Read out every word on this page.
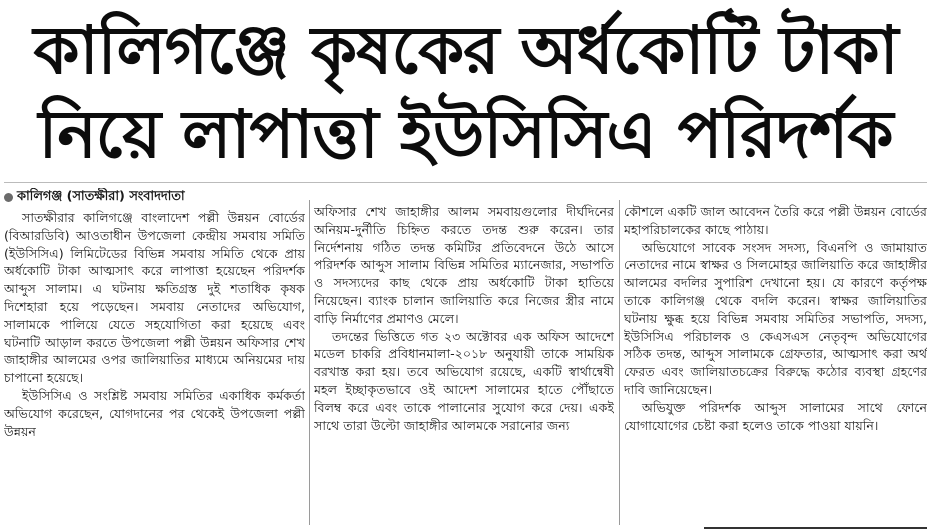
কালিগঞ্জে কৃষকের অর্ধকোটি টাকা
নিয়ে লাপাত্তা ইউসিসিএ পরিদর্শক
কালিগঞ্জ (সাতক্ষীরা) সংবাদদাতা

সাতক্ষীরার কালিগঞ্জে বাংলাদেশ পল্লী উন্নয়ন বোর্ডের (বিআরডিবি) আওতাধীন উপজেলা কেন্দ্রীয় সমবায় সমিতি (ইউসিসিএ) লিমিটেডের বিভিন্ন সমবায় সমিতি থেকে প্রায় অর্ধকোটি টাকা আত্মসাৎ করে লাপাত্তা হয়েছেন পরিদর্শক আব্দুস সালাম। এ ঘটনায় ক্ষতিগ্রস্ত দুই শতাধিক কৃষক দিশেহারা হয়ে পড়েছেন। সমবায় নেতাদের অভিযোগ, সালামকে পালিয়ে যেতে সহযোগিতা করা হয়েছে এবং ঘটনাটি আড়াল করতে উপজেলা পল্লী উন্নয়ন অফিসার শেখ জাহাঙ্গীর আলমের ওপর জালিয়াতির মাধ্যমে অনিয়মের দায় চাপানো হয়েছে।

ইউসিসিএ ও সংশ্লিষ্ট সমবায় সমিতির একাধিক কর্মকর্তা অভিযোগ করেছেন, যোগদানের পর থেকেই উপজেলা পল্লী উন্নয়ন

অফিসার শেখ জাহাঙ্গীর আলম সমবায়গুলোর দীর্ঘদিনের অনিয়ম-দুর্নীতি চিহ্নিত করতে তদন্ত শুরু করেন। তার নির্দেশনায় গঠিত তদন্ত কমিটির প্রতিবেদনে উঠে আসে পরিদর্শক আব্দুস সালাম বিভিন্ন সমিতির ম্যানেজার, সভাপতি ও সদস্যদের কাছ থেকে প্রায় অর্ধকোটি টাকা হাতিয়ে নিয়েছেন। ব্যাংক চালান জালিয়াতি করে নিজের স্ত্রীর নামে বাড়ি নির্মাণের প্রমাণও মেলে।

তদন্তের ভিত্তিতে গত ২৩ অক্টোবর এক অফিস আদেশে মডেল চাকরি প্রবিধানমালা-২০১৮ অনুযায়ী তাকে সাময়িক বরখাস্ত করা হয়। তবে অভিযোগ রয়েছে, একটি স্বার্থান্বেষী মহল ইচ্ছাকৃতভাবে ওই আদেশ সালামের হাতে পৌঁছাতে বিলম্ব করে এবং তাকে পালানোর সুযোগ করে দেয়। একই সাথে তারা উল্টো জাহাঙ্গীর আলমকে সরানোর জন্য

কৌশলে একটি জাল আবেদন তৈরি করে পল্লী উন্নয়ন বোর্ডের মহাপরিচালকের কাছে পাঠায়।

অভিযোগে সাবেক সংসদ সদস্য, বিএনপি ও জামায়াত নেতাদের নামে স্বাক্ষর ও সিলমোহর জালিয়াতি করে জাহাঙ্গীর আলমের বদলির সুপারিশ দেখানো হয়। যে কারণে কর্তৃপক্ষ তাকে কালিগঞ্জ থেকে বদলি করেন। স্বাক্ষর জালিয়াতির ঘটনায় ক্ষুব্ধ হয়ে বিভিন্ন সমবায় সমিতির সভাপতি, সদস্য, ইউসিসিএ পরিচালক ও কেএসএস নেতৃবৃন্দ অভিযোগের সঠিক তদন্ত, আব্দুস সালামকে গ্রেফতার, আত্মসাৎ করা অর্থ ফেরত এবং জালিয়াতচক্রের বিরুদ্ধে কঠোর ব্যবস্থা গ্রহণের দাবি জানিয়েছেন।

অভিযুক্ত পরিদর্শক আব্দুস সালামের সাথে ফোনে যোগাযোগের চেষ্টা করা হলেও তাকে পাওয়া যায়নি।
